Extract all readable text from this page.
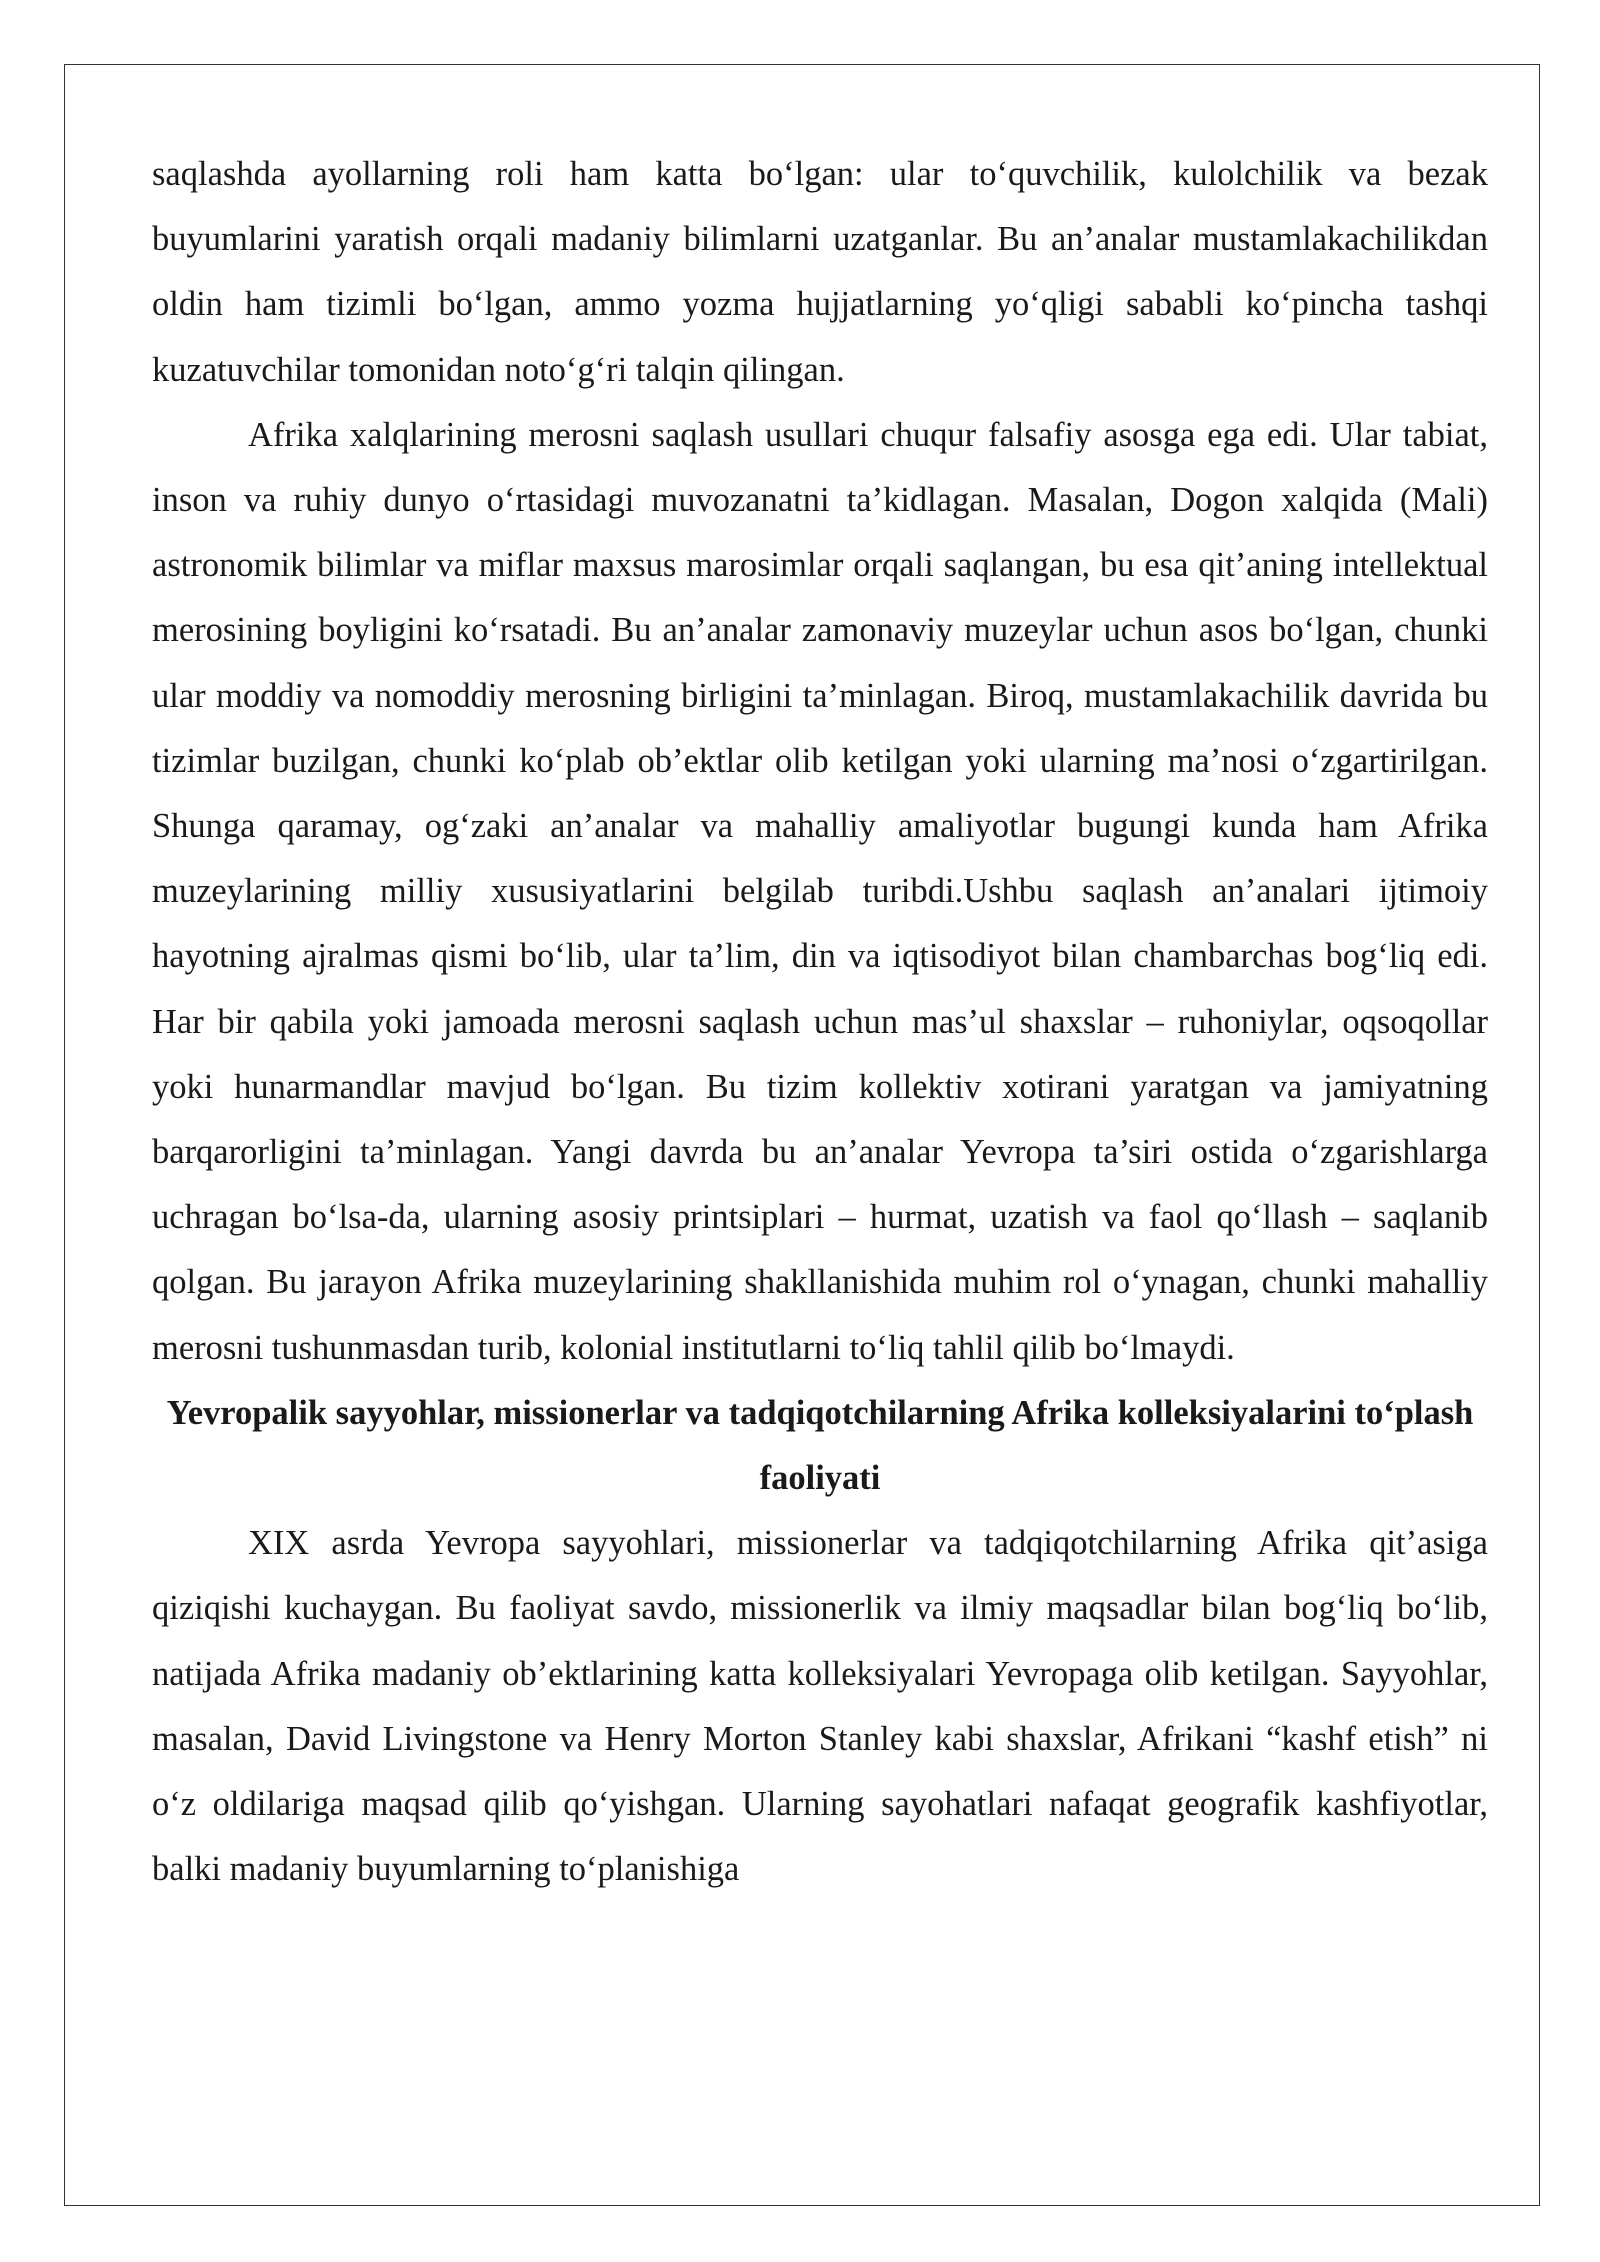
saqlashda ayollarning roli ham katta bo‘lgan: ular to‘quvchilik, kulolchilik va bezak buyumlarini yaratish orqali madaniy bilimlarni uzatganlar. Bu an’analar mustamlakachilikdan oldin ham tizimli bo‘lgan, ammo yozma hujjatlarning yo‘qligi sababli ko‘pincha tashqi kuzatuvchilar tomonidan noto‘g‘ri talqin qilingan.

Afrika xalqlarining merosni saqlash usullari chuqur falsafiy asosga ega edi. Ular tabiat, inson va ruhiy dunyo o‘rtasidagi muvozanatni ta’kidlagan. Masalan, Dogon xalqida (Mali) astronomik bilimlar va miflar maxsus marosimlar orqali saqlangan, bu esa qit’aning intellektual merosining boyligini ko‘rsatadi. Bu an’analar zamonaviy muzeylar uchun asos bo‘lgan, chunki ular moddiy va nomoddiy merosning birligini ta’minlagan. Biroq, mustamlakachilik davrida bu tizimlar buzilgan, chunki ko‘plab ob’ektlar olib ketilgan yoki ularning ma’nosi o‘zgartirilgan. Shunga qaramay, og‘zaki an’analar va mahalliy amaliyotlar bugungi kunda ham Afrika muzeylarining milliy xususiyatlarini belgilab turibdi.Ushbu saqlash an’analari ijtimoiy hayotning ajralmas qismi bo‘lib, ular ta’lim, din va iqtisodiyot bilan chambarchas bog‘liq edi. Har bir qabila yoki jamoada merosni saqlash uchun mas’ul shaxslar – ruhoniylar, oqsoqollar yoki hunarmandlar mavjud bo‘lgan. Bu tizim kollektiv xotirani yaratgan va jamiyatning barqarorligini ta’minlagan. Yangi davrda bu an’analar Yevropa ta’siri ostida o‘zgarishlarga uchragan bo‘lsa-da, ularning asosiy printsiplari – hurmat, uzatish va faol qo‘llash – saqlanib qolgan. Bu jarayon Afrika muzeylarining shakllanishida muhim rol o‘ynagan, chunki mahalliy merosni tushunmasdan turib, kolonial institutlarni to‘liq tahlil qilib bo‘lmaydi.

Yevropalik sayyohlar, missionerlar va tadqiqotchilarning Afrika kolleksiyalarini to‘plash faoliyati

XIX asrda Yevropa sayyohlari, missionerlar va tadqiqotchilarning Afrika qit’asiga qiziqishi kuchaygan. Bu faoliyat savdo, missionerlik va ilmiy maqsadlar bilan bog‘liq bo‘lib, natijada Afrika madaniy ob’ektlarining katta kolleksiyalari Yevropaga olib ketilgan. Sayyohlar, masalan, David Livingstone va Henry Morton Stanley kabi shaxslar, Afrikani “kashf etish” ni o‘z oldilariga maqsad qilib qo‘yishgan. Ularning sayohatlari nafaqat geografik kashfiyotlar, balki madaniy buyumlarning to‘planishiga
